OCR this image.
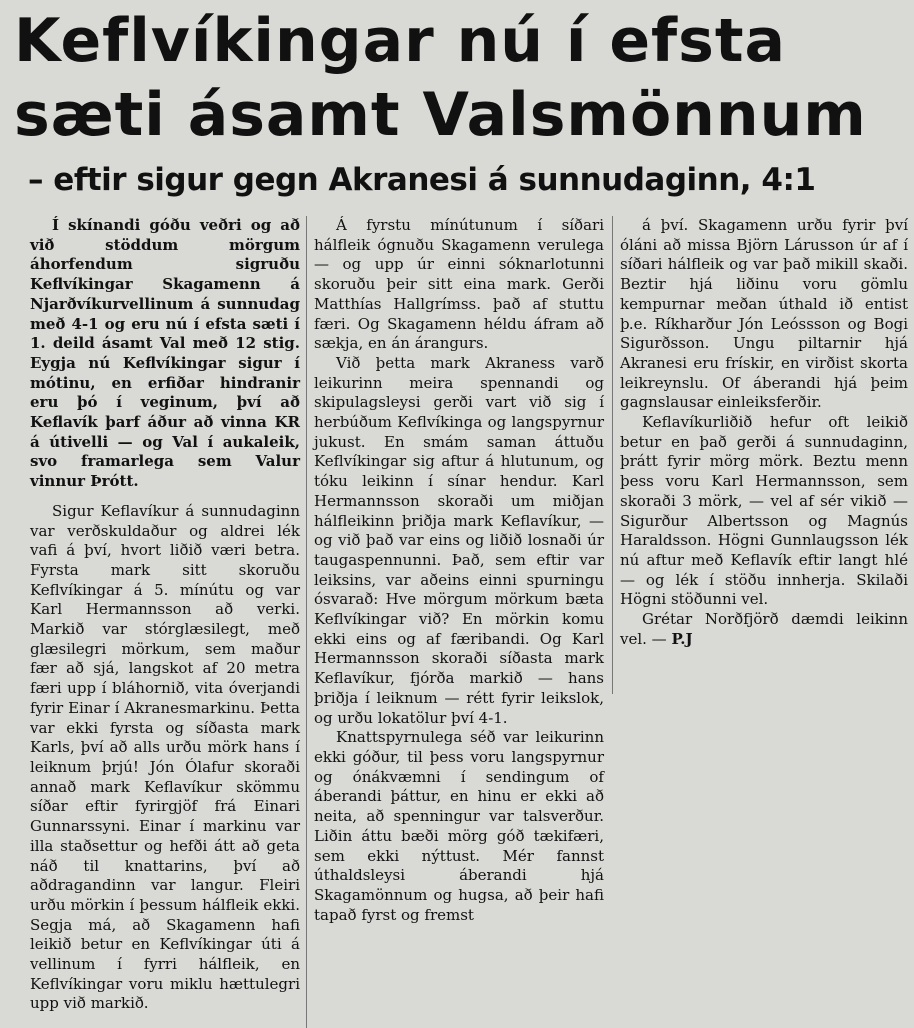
Keflvíkingar nú í efsta
sæti ásamt Valsmönnum
– eftir sigur gegn Akranesi á sunnudaginn, 4:1

Í skínandi góðu veðri og að við stöddum mörgum áhorfendum sigruðu Keflvíkingar Skagamenn á Njarðvíkurvellinum á sunnudag með 4-1 og eru nú í efsta sæti í 1. deild ásamt Val með 12 stig. Eygja nú Keflvíkingar sigur í mótinu, en erfiðar hindranir eru þó í veginum, því að Keflavík þarf áður að vinna KR á útivelli — og Val í aukaleik, svo framarlega sem Valur vinnur Þrótt.

Sigur Keflavíkur á sunnudaginn var verðskuldaður og aldrei lék vafi á því, hvort liðið væri betra. Fyrsta mark sitt skoruðu Keflvíkingar á 5. mínútu og var Karl Hermannsson að verki. Markið var stórglæsilegt, með glæsilegri mörkum, sem maður fær að sjá, langskot af 20 metra færi upp í bláhornið, vita óverjandi fyrir Einar í Akranesmarkinu. Þetta var ekki fyrsta og síðasta mark Karls, því að alls urðu mörk hans í leiknum þrjú! Jón Ólafur skoraði annað mark Keflavíkur skömmu síðar eftir fyrirgjöf frá Einari Gunnarssyni. Einar í markinu var illa staðsettur og hefði átt að geta náð til knattarins, því að aðdragandinn var langur. Fleiri urðu mörkin í þessum hálfleik ekki. Segja má, að Skagamenn hafi leikið betur en Keflvíkingar úti á vellinum í fyrri hálfleik, en Keflvíkingar voru miklu hættulegri upp við markið.

Á fyrstu mínútunum í síðari hálfleik ógnuðu Skagamenn verulega — og upp úr einni sóknarlotunni skoruðu þeir sitt eina mark. Gerði Matthías Hallgrímss. það af stuttu færi. Og Skagamenn héldu áfram að sækja, en án árangurs.

Við þetta mark Akraness varð leikurinn meira spennandi og skipulagsleysi gerði vart við sig í herbúðum Keflvíkinga og langspyrnur jukust. En smám saman áttuðu Keflvíkingar sig aftur á hlutunum, og tóku leikinn í sínar hendur. Karl Hermannsson skoraði um miðjan hálfleikinn þriðja mark Keflavíkur, — og við það var eins og liðið losnaði úr taugaspennunni. Það, sem eftir var leiksins, var aðeins einni spurningu ósvarað: Hve mörgum mörkum bæta Keflvíkingar við? En mörkin komu ekki eins og af færibandi. Og Karl Hermannsson skoraði síðasta mark Keflavíkur, fjórða markið — hans þriðja í leiknum — rétt fyrir leikslok, og urðu lokatölur því 4-1.

Knattspyrnulega séð var leikurinn ekki góður, til þess voru langspyrnur og ónákvæmni í sendingum of áberandi þáttur, en hinu er ekki að neita, að spenningur var talsverður. Liðin áttu bæði mörg góð tækifæri, sem ekki nýttust. Mér fannst úthaldsleysi áberandi hjá Skagamönnum og hugsa, að þeir hafi tapað fyrst og fremst

á því. Skagamenn urðu fyrir því óláni að missa Björn Lárusson úr af í síðari hálfleik og var það mikill skaði. Beztir hjá liðinu voru gömlu kempurnar meðan úthald ið entist þ.e. Ríkharður Jón Leóssson og Bogi Sigurðsson. Ungu piltarnir hjá Akranesi eru frískir, en virðist skorta leikreynslu. Of áberandi hjá þeim gagnslausar einleiksferðir.

Keflavíkurliðið hefur oft leikið betur en það gerði á sunnudaginn, þrátt fyrir mörg mörk. Beztu menn þess voru Karl Hermannsson, sem skoraði 3 mörk, — vel af sér vikið — Sigurður Albertsson og Magnús Haraldsson. Högni Gunnlaugsson lék nú aftur með Keflavík eftir langt hlé — og lék í stöðu innherja. Skilaði Högni stöðunni vel.

Grétar Norðfjörð dæmdi leikinn vel. — P.J
